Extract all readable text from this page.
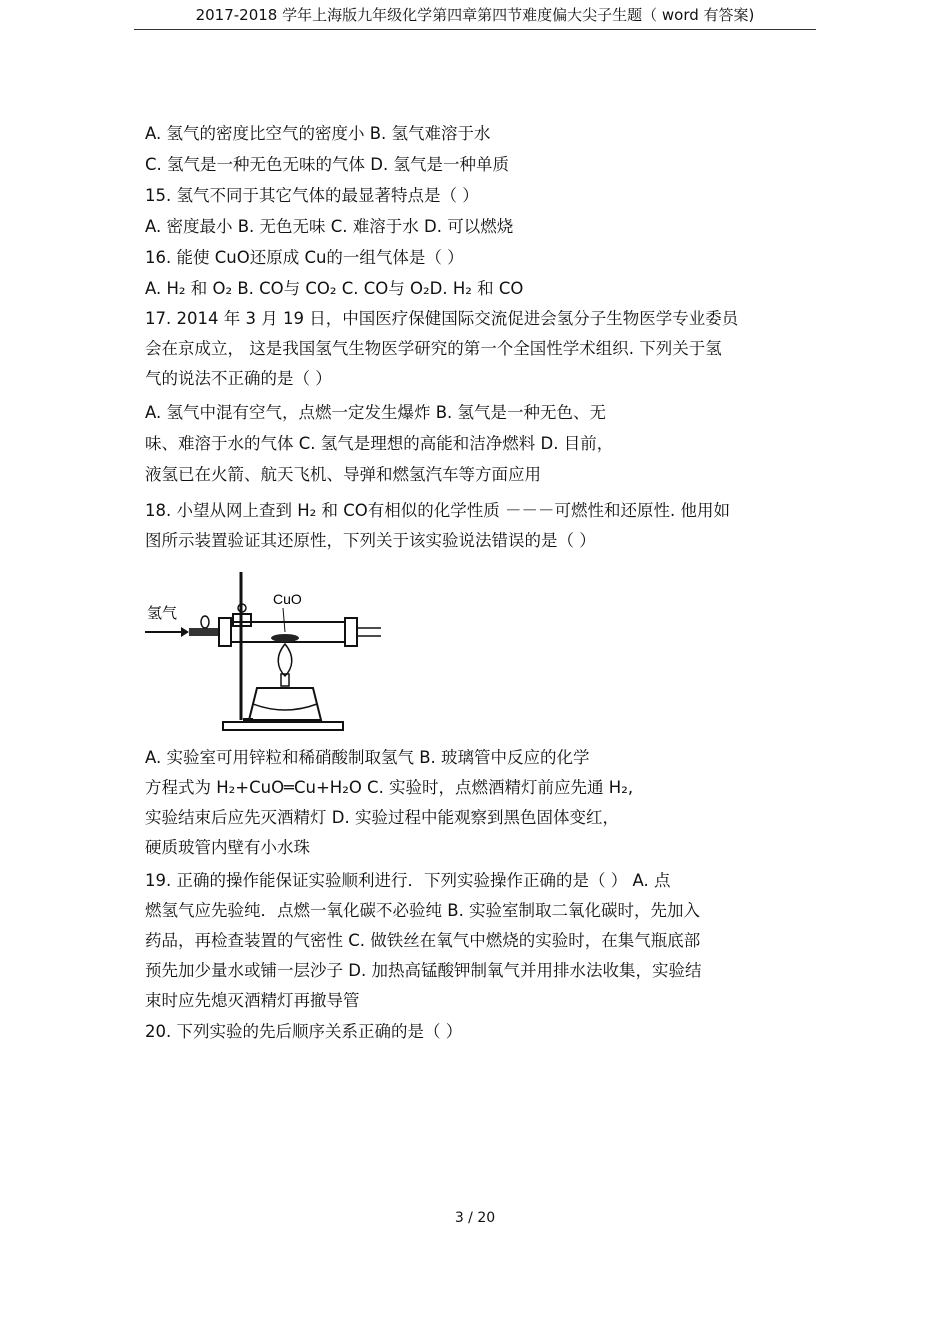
2017-2018 学年上海版九年级化学第四章第四节难度偏大尖子生题（ word 有答案)
A. 氢气的密度比空气的密度小 B. 氢气难溶于水
C. 氢气是一种无色无味的气体 D. 氢气是一种单质
15. 氢气不同于其它气体的最显著特点是（ ）
A. 密度最小 B. 无色无味 C. 难溶于水 D. 可以燃烧
16. 能使 CuO还原成 Cu的一组气体是（ ）
A. H₂ 和 O₂ B. CO与 CO₂ C. CO与 O₂D. H₂ 和 CO
17. 2014 年 3 月 19 日，中国医疗保健国际交流促进会氢分子生物医学专业委员
会在京成立， 这是我国氢气生物医学研究的第一个全国性学术组织. 下列关于氢
气的说法不正确的是（ ）
A. 氢气中混有空气，点燃一定发生爆炸 B. 氢气是一种无色、无
味、难溶于水的气体 C. 氢气是理想的高能和洁净燃料 D. 目前，
液氢已在火箭、航天飞机、导弹和燃氢汽车等方面应用
18. 小望从网上查到 H₂ 和 CO有相似的化学性质 －－－可燃性和还原性. 他用如
图所示装置验证其还原性，下列关于该实验说法错误的是（ ）
氢气
CuO
A. 实验室可用锌粒和稀硝酸制取氢气 B. 玻璃管中反应的化学
方程式为 H₂+CuO═Cu+H₂O C. 实验时，点燃酒精灯前应先通 H₂,
实验结束后应先灭酒精灯 D. 实验过程中能观察到黑色固体变红，
硬质玻管内壁有小水珠
19. 正确的操作能保证实验顺利进行．下列实验操作正确的是（ ） A. 点
燃氢气应先验纯．点燃一氧化碳不必验纯 B. 实验室制取二氧化碳时，先加入
药品，再检查装置的气密性 C. 做铁丝在氧气中燃烧的实验时，在集气瓶底部
预先加少量水或铺一层沙子 D. 加热高锰酸钾制氧气并用排水法收集，实验结
束时应先熄灭酒精灯再撤导管
20. 下列实验的先后顺序关系正确的是（ ）
3 / 20
